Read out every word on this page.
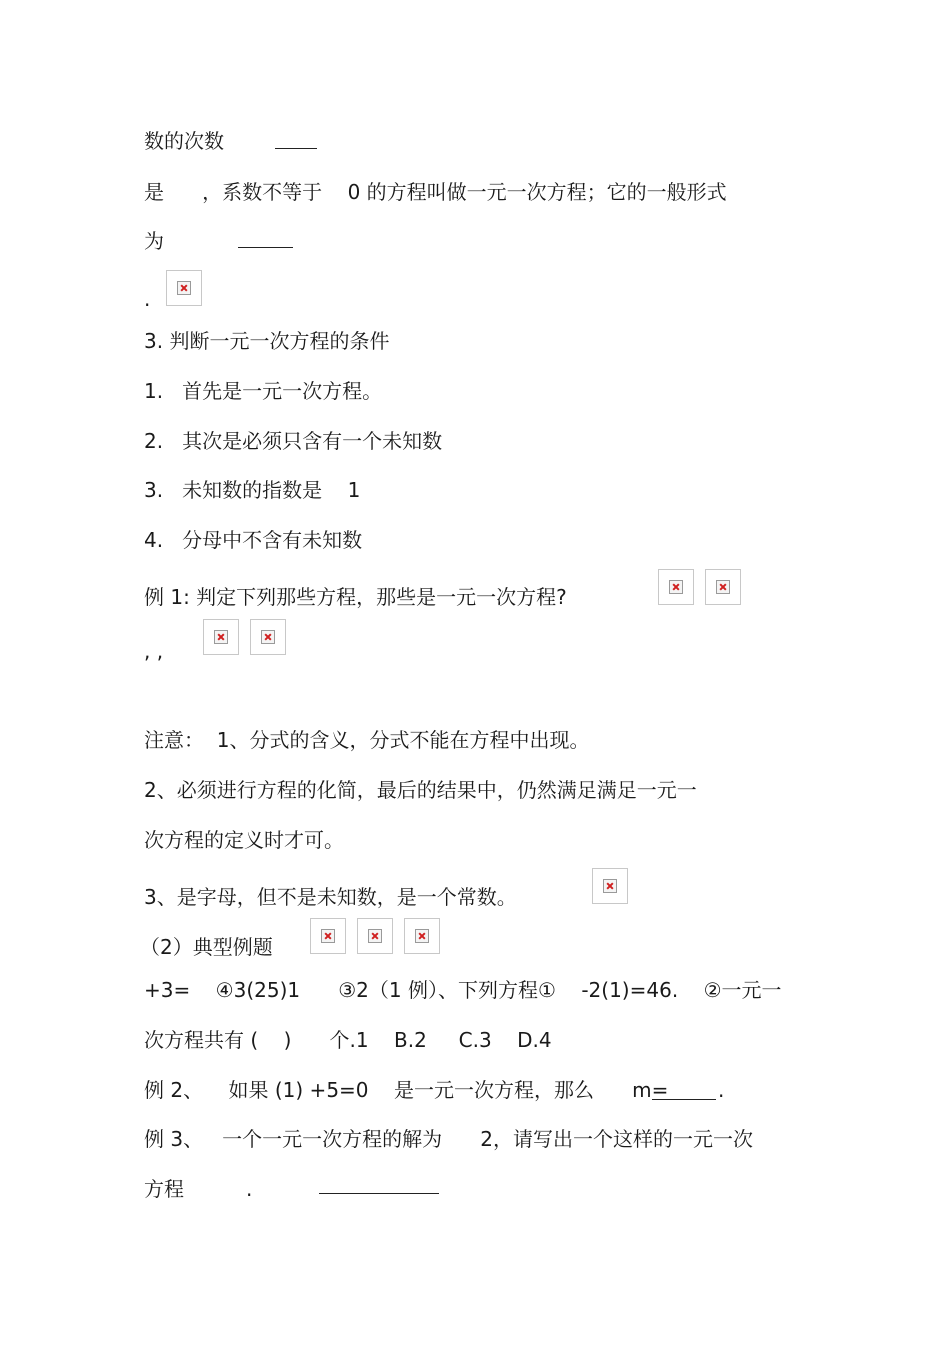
数的次数
是      ，系数不等于    0 的方程叫做一元一次方程；它的一般形式
为
.
3. 判断一元一次方程的条件
1.   首先是一元一次方程。
2.   其次是必须只含有一个未知数
3.   未知数的指数是    1
4.   分母中不含有未知数
例 1: 判定下列那些方程，那些是一元一次方程?
, ,
注意：  1、分式的含义，分式不能在方程中出现。
2、必须进行方程的化简，最后的结果中，仍然满足满足一元一
次方程的定义时才可。
3、是字母，但不是未知数，是一个常数。
（2）典型例题
+3=    ④3(25)1      ③2（1 例）、下列方程①    -2(1)=46.    ②一元一
次方程共有 (    )      个.1    B.2     C.3    D.4
例 2、    如果 (1) +5=0    是一元一次方程，那么      m= .
例 3、   一个一元一次方程的解为      2，请写出一个这样的一元一次
方程	.
